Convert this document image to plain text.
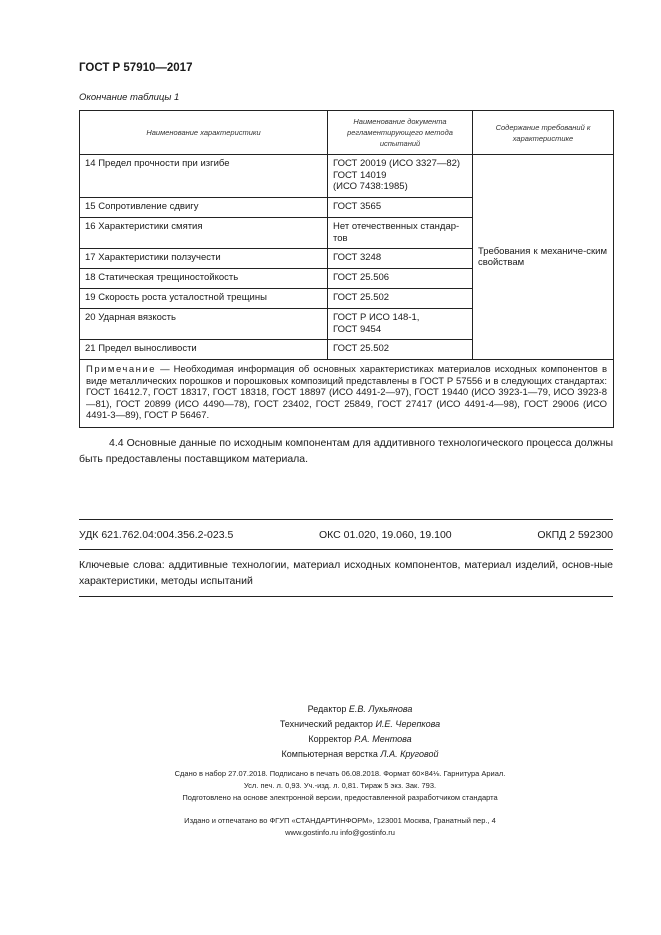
ГОСТ Р 57910—2017
Окончание таблицы 1
Наименование характеристики	Наименование документа регламентирующего метода испытаний	Содержание требований к характеристике
14 Предел прочности при изгибе	ГОСТ 20019 (ИСО 3327—82)
ГОСТ 14019
(ИСО 7438:1985)	Требования к механиче-ским свойствам
15 Сопротивление сдвигу	ГОСТ 3565	

16 Характеристики смятия	Нет отечественных стандар-
тов	

17 Характеристики ползучести	ГОСТ 3248	

18 Статическая трещиностойкость	ГОСТ 25.506	

19 Скорость роста усталостной трещины	ГОСТ 25.502	

20 Ударная вязкость	ГОСТ Р ИСО 148-1,
ГОСТ 9454	

21 Предел выносливости	ГОСТ 25.502	

Примечание — Необходимая информация об основных характеристиках материалов исходных компонентов в виде металлических порошков и порошковых композиций представлены в ГОСТ Р 57556 и в следующих стандартах: ГОСТ 16412.7, ГОСТ 18317, ГОСТ 18318, ГОСТ 18897 (ИСО 4491-2—97), ГОСТ 19440 (ИСО 3923-1—79, ИСО 3923-8—81), ГОСТ 20899 (ИСО 4490—78), ГОСТ 23402, ГОСТ 25849, ГОСТ 27417 (ИСО 4491-4—98), ГОСТ 29006 (ИСО 4491-3—89), ГОСТ Р 56467.		
4.4 Основные данные по исходным компонентам для аддитивного технологического процесса должны быть предоставлены поставщиком материала.
УДК 621.762.04:004.356.2-023.5	ОКС 01.020, 19.060, 19.100	ОКПД 2 592300
Ключевые слова: аддитивные технологии, материал исходных компонентов, материал изделий, основ-ные характеристики, методы испытаний
Редактор Е.В. Лукьянова
Технический редактор И.Е. Черепкова
Корректор Р.А. Ментова
Компьютерная верстка Л.А. Круговой
Сдано в набор 27.07.2018. Подписано в печать 06.08.2018. Формат 60×84⅛. Гарнитура Ариал.
Усл. печ. л. 0,93. Уч.-изд. л. 0,81. Тираж 5 экз. Зак. 793.
Подготовлено на основе электронной версии, предоставленной разработчиком стандарта
Издано и отпечатано во ФГУП «СТАНДАРТИНФОРМ», 123001 Москва, Гранатный пер., 4
www.gostinfo.ru info@gostinfo.ru
